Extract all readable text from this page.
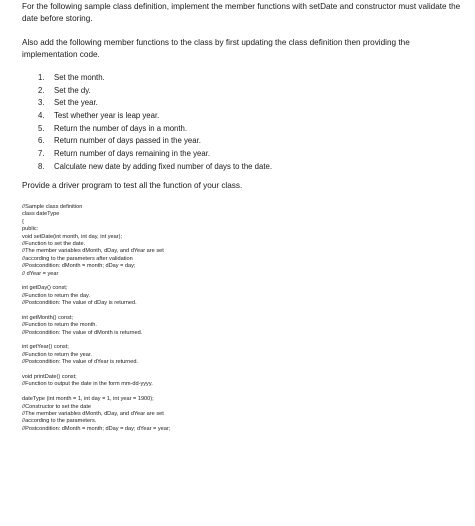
For the following sample class definition, implement the member functions with setDate and constructor must validate the date before storing.

Also add the following member functions to the class by first updating the class definition then providing the implementation code.

1. Set the month.
2. Set the dy.
3. Set the year.
4. Test whether year is leap year.
5. Return the number of days in a month.
6. Return number of days passed in the year.
7. Return number of days remaining in the year.
8. Calculate new date by adding fixed number of days to the date.

Provide a driver program to test all the function of your class.

//Sample class definition
class dateType
{
public:
void setDate(int month, int day, int year);
//Function to set the date.
//The member variables dMonth, dDay, and dYear are set
//according to the parameters after validation
//Postcondition: dMonth = month; dDay = day;
// dYear = year
int getDay() const;
//Function to return the day.
//Postcondition: The value of dDay is returned.
int getMonth() const;
//Function to return the month.
//Postcondition: The value of dMonth is returned.
int getYear() const;
//Function to return the year.
//Postcondition: The value of dYear is returned.
void printDate() const;
//Function to output the date in the form mm-dd-yyyy.
dateType (int month = 1, int day = 1, int year = 1900);
//Constructor to set the date
//The member variables dMonth, dDay, and dYear are set
//according to the parameters.
//Postcondition: dMonth = month; dDay = day; dYear = year;
